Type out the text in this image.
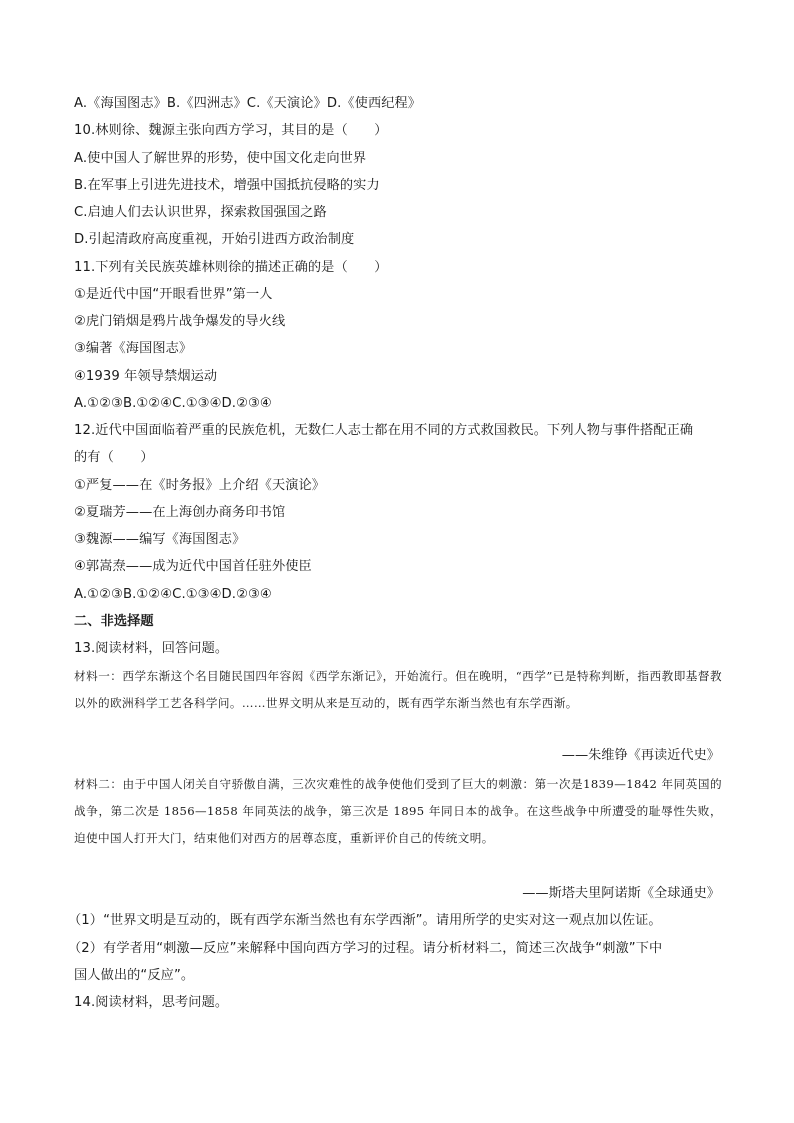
A.《海国图志》B.《四洲志》C.《天演论》D.《使西纪程》
10.林则徐、魏源主张向西方学习，其目的是（　　）
A.使中国人了解世界的形势，使中国文化走向世界
B.在军事上引进先进技术，增强中国抵抗侵略的实力
C.启迪人们去认识世界，探索救国强国之路
D.引起清政府高度重视，开始引进西方政治制度
11.下列有关民族英雄林则徐的描述正确的是（　　）
①是近代中国“开眼看世界”第一人
②虎门销烟是鸦片战争爆发的导火线
③编著《海国图志》
④1939 年领导禁烟运动
A.①②③B.①②④C.①③④D.②③④
12.近代中国面临着严重的民族危机，无数仁人志士都在用不同的方式救国救民。下列人物与事件搭配正确
的有（　　）
①严复——在《时务报》上介绍《天演论》
②夏瑞芳——在上海创办商务印书馆
③魏源——编写《海国图志》
④郭嵩焘——成为近代中国首任驻外使臣
A.①②③B.①②④C.①③④D.②③④
二、非选择题
13.阅读材料，回答问题。

材料一：西学东渐这个名目随民国四年容闳《西学东渐记》，开始流行。但在晚明，“西学”已是特称判断，指西教即基督教以外的欧洲科学工艺各科学问。……世界文明从来是互动的，既有西学东渐当然也有东学西渐。

——朱维铮《再读近代史》

材料二：由于中国人闭关自守骄傲自满，三次灾难性的战争使他们受到了巨大的刺激：第一次是1839—1842 年同英国的战争，第二次是 1856—1858 年同英法的战争，第三次是 1895 年同日本的战争。在这些战争中所遭受的耻辱性失败，迫使中国人打开大门，结束他们对西方的居尊态度，重新评价自己的传统文明。

——斯塔夫里阿诺斯《全球通史》
（1）“世界文明是互动的，既有西学东渐当然也有东学西渐”。请用所学的史实对这一观点加以佐证。
（2）有学者用“刺激—反应”来解释中国向西方学习的过程。请分析材料二，简述三次战争“刺激”下中
国人做出的“反应”。
14.阅读材料，思考问题。
